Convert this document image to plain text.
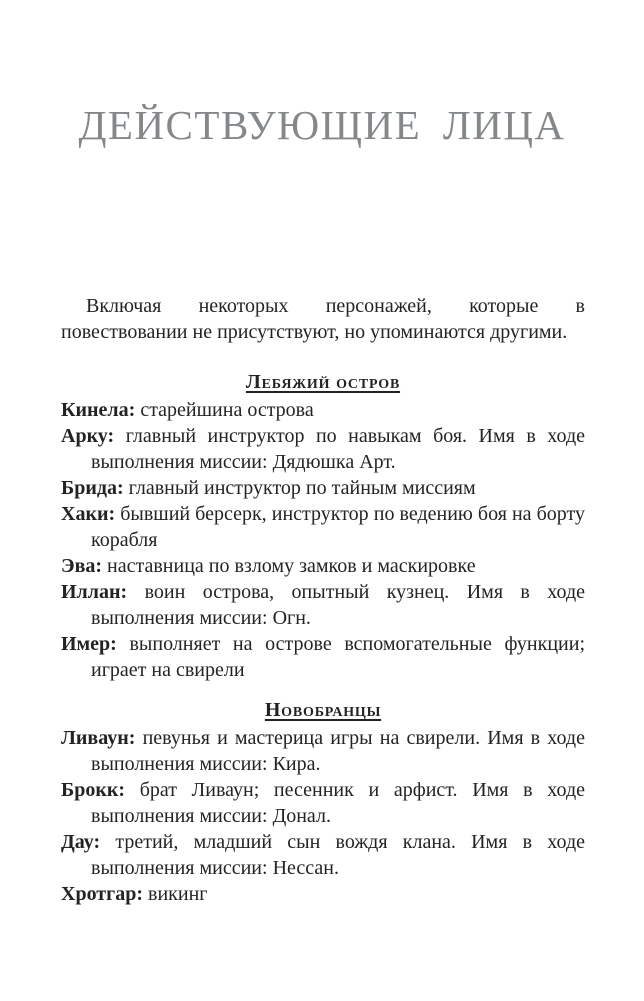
ДЕЙСТВУЮЩИЕ ЛИЦА

Включая некоторых персонажей, которые в повествовании не присутствуют, но упоминаются другими.

Лебяжий остров

Кинела: старейшина острова

Арку: главный инструктор по навыкам боя. Имя в ходе выполнения миссии: Дядюшка Арт.

Брида: главный инструктор по тайным миссиям

Хаки: бывший берсерк, инструктор по ведению боя на борту корабля

Эва: наставница по взлому замков и маскировке

Иллан: воин острова, опытный кузнец. Имя в ходе выполнения миссии: Огн.

Имер: выполняет на острове вспомогательные функции; играет на свирели

Новобранцы

Ливаун: певунья и мастерица игры на свирели. Имя в ходе выполнения миссии: Кира.

Брокк: брат Ливаун; песенник и арфист. Имя в ходе выполнения миссии: Донал.

Дау: третий, младший сын вождя клана. Имя в ходе выполнения миссии: Нессан.

Хротгар: викинг
